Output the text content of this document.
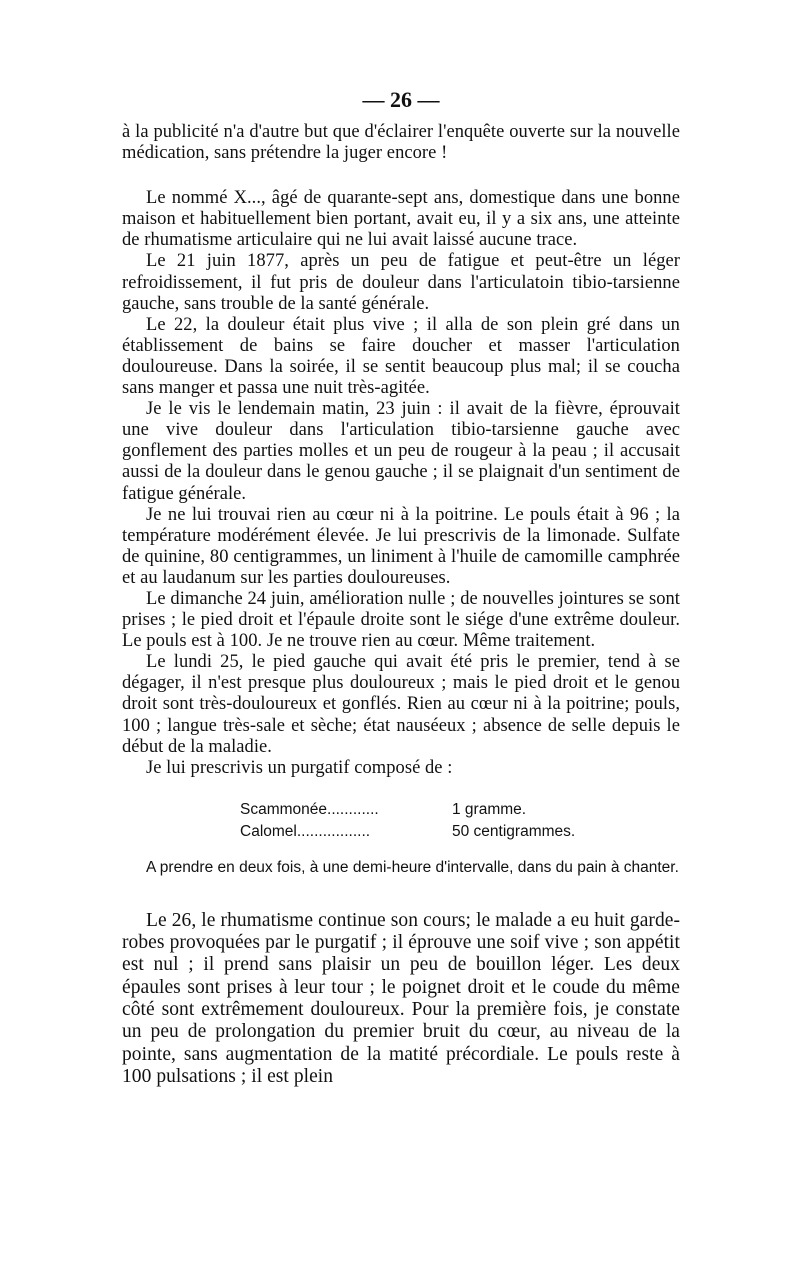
— 26 —

à la publicité n'a d'autre but que d'éclairer l'enquête ouverte sur la nouvelle médication, sans prétendre la juger encore !

Le nommé X..., âgé de quarante-sept ans, domestique dans une bonne maison et habituellement bien portant, avait eu, il y a six ans, une atteinte de rhumatisme articulaire qui ne lui avait laissé aucune trace.

Le 21 juin 1877, après un peu de fatigue et peut-être un léger refroidissement, il fut pris de douleur dans l'articulatoin tibio-tarsienne gauche, sans trouble de la santé générale.

Le 22, la douleur était plus vive ; il alla de son plein gré dans un établissement de bains se faire doucher et masser l'articulation douloureuse. Dans la soirée, il se sentit beaucoup plus mal; il se coucha sans manger et passa une nuit très-agitée.

Je le vis le lendemain matin, 23 juin : il avait de la fièvre, éprouvait une vive douleur dans l'articulation tibio-tarsienne gauche avec gonflement des parties molles et un peu de rougeur à la peau ; il accusait aussi de la douleur dans le genou gauche ; il se plaignait d'un sentiment de fatigue générale.

Je ne lui trouvai rien au cœur ni à la poitrine. Le pouls était à 96 ; la température modérément élevée. Je lui prescrivis de la limonade. Sulfate de quinine, 80 centigrammes, un liniment à l'huile de camomille camphrée et au laudanum sur les parties douloureuses.

Le dimanche 24 juin, amélioration nulle ; de nouvelles jointures se sont prises ; le pied droit et l'épaule droite sont le siége d'une extrême douleur. Le pouls est à 100. Je ne trouve rien au cœur. Même traitement.

Le lundi 25, le pied gauche qui avait été pris le premier, tend à se dégager, il n'est presque plus douloureux ; mais le pied droit et le genou droit sont très-douloureux et gonflés. Rien au cœur ni à la poitrine; pouls, 100 ; langue très-sale et sèche; état nauséeux ; absence de selle depuis le début de la maladie.

Je lui prescrivis un purgatif composé de :

Scammonée............	1 gramme.
Calomel.................	50 centigrammes.

A prendre en deux fois, à une demi-heure d'intervalle, dans du pain à chanter.

Le 26, le rhumatisme continue son cours; le malade a eu huit garde-robes provoquées par le purgatif ; il éprouve une soif vive ; son appétit est nul ; il prend sans plaisir un peu de bouillon léger. Les deux épaules sont prises à leur tour ; le poignet droit et le coude du même côté sont extrêmement douloureux. Pour la première fois, je constate un peu de prolongation du premier bruit du cœur, au niveau de la pointe, sans augmentation de la matité précordiale. Le pouls reste à 100 pulsations ; il est plein
